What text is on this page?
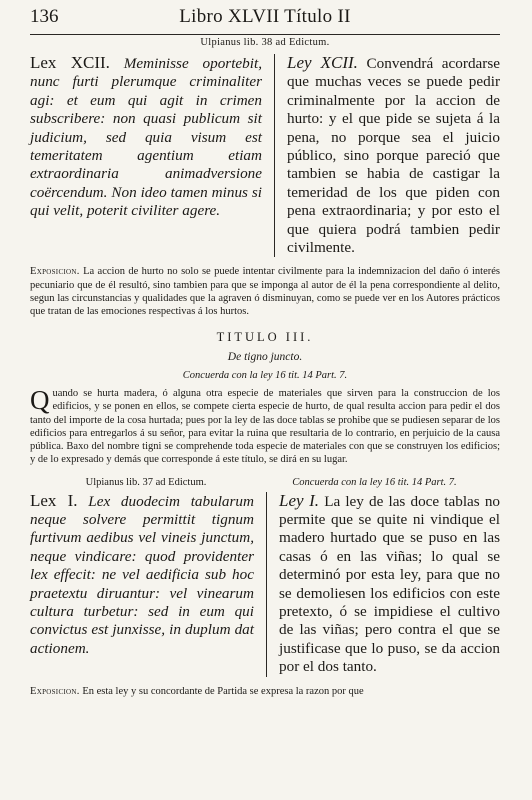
136	Libro XLVII Título II
Ulpianus lib. 38 ad Edictum.

Lex XCII. Meminisse oportebit, nunc furti plerumque criminaliter agi: et eum qui agit in crimen subscribere: non quasi publicum sit judicium, sed quia visum est temeritatem agentium etiam extraordinaria animadversione coërcendum. Non ideo tamen minus si qui velit, poterit civiliter agere.

Ley XCII. Convendrá acordarse que muchas veces se puede pedir criminalmente por la accion de hurto: y el que pide se sujeta á la pena, no porque sea el juicio público, sino porque pareció que tambien se habia de castigar la temeridad de los que piden con pena extraordinaria; y por esto el que quiera podrá tambien pedir civilmente.

Exposicion. La accion de hurto no solo se puede intentar civilmente para la indemnizacion del daño ó interés pecuniario que de él resultó, sino tambien para que se imponga al autor de él la pena correspondiente al delito, segun las circunstancias y qualidades que la agraven ó disminuyan, como se puede ver en los Autores prácticos que tratan de las emociones respectivas á los hurtos.

TITULO III.
De tigno juncto.
Concuerda con la ley 16 tit. 14 Part. 7.

Quando se hurta madera, ó alguna otra especie de materiales que sirven para la construccion de los edificios, y se ponen en ellos, se compete cierta especie de hurto, de qual resulta accion para pedir el dos tanto del importe de la cosa hurtada; pues por la ley de las doce tablas se prohibe que se pudiesen separar de los edificios para entregarlos á su señor, para evitar la ruina que resultaria de lo contrario, en perjuicio de la causa pública. Baxo del nombre tigni se comprehende toda especie de materiales con que se construyen los edificios; y de lo expresado y demás que corresponde á este título, se dirá en su lugar.

Ulpianus lib. 37 ad Edictum.	Concuerda con la ley 16 tit. 14 Part. 7.

Lex I. Lex duodecim tabularum neque solvere permittit tignum furtivum aedibus vel vineis junctum, neque vindicare: quod providenter lex effecit: ne vel aedificia sub hoc praetextu diruantur: vel vinearum cultura turbetur: sed in eum qui convictus est junxisse, in duplum dat actionem.

Ley I. La ley de las doce tablas no permite que se quite ni vindique el madero hurtado que se puso en las casas ó en las viñas; lo qual se determinó por esta ley, para que no se demoliesen los edificios con este pretexto, ó se impidiese el cultivo de las viñas; pero contra el que se justificase que lo puso, se da accion por el dos tanto.

Exposicion. En esta ley y su concordante de Partida se expresa la razon por que
